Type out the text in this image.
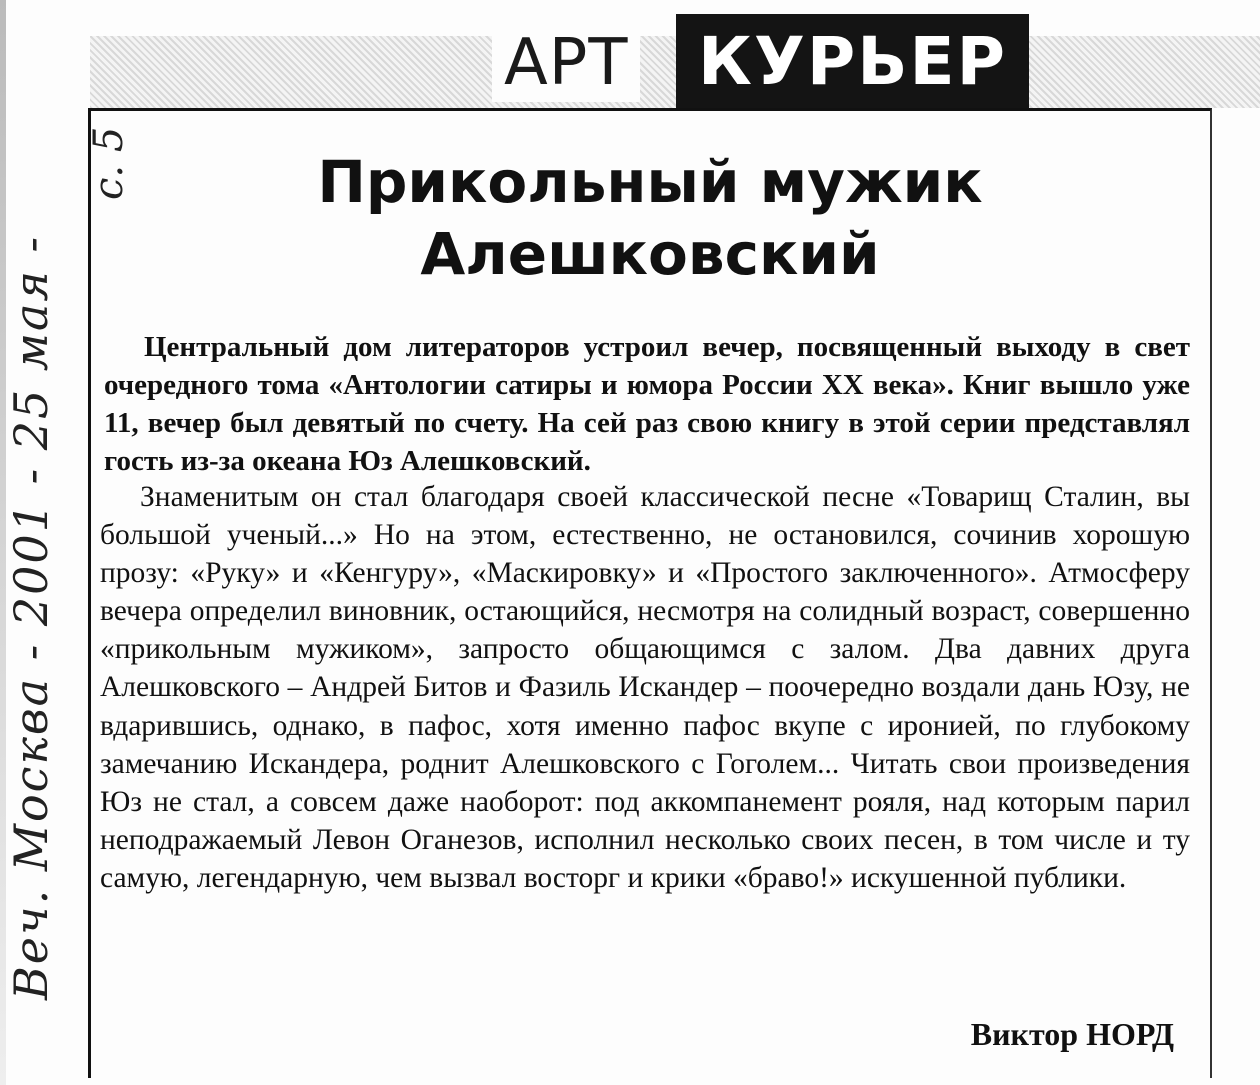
АРТ	КУРЬЕР
Прикольный мужик Алешковский
Центральный дом литераторов устроил вечер, посвященный выходу в свет очередного тома «Антологии сатиры и юмора России XX века». Книг вышло уже 11, вечер был девятый по счету. На сей раз свою книгу в этой серии представлял гость из-за океана Юз Алешковский.
Знаменитым он стал благодаря своей классической песне «Товарищ Сталин, вы большой ученый...» Но на этом, естественно, не остановился, сочинив хорошую прозу: «Руку» и «Кенгуру», «Маскировку» и «Простого заключенного». Атмосферу вечера определил виновник, остающийся, несмотря на солидный возраст, совершенно «прикольным мужиком», запросто общающимся с залом. Два давних друга Алешковского – Андрей Битов и Фазиль Искандер – поочередно воздали дань Юзу, не вдарившись, однако, в пафос, хотя именно пафос вкупе с иронией, по глубокому замечанию Искандера, роднит Алешковского с Гоголем... Читать свои произведения Юз не стал, а совсем даже наоборот: под аккомпанемент рояля, над которым парил неподражаемый Левон Оганезов, исполнил несколько своих песен, в том числе и ту самую, легендарную, чем вызвал восторг и крики «браво!» искушенной публики.
Виктор НОРД
Веч. Москва - 2001 - 25 мая -
с. 5
